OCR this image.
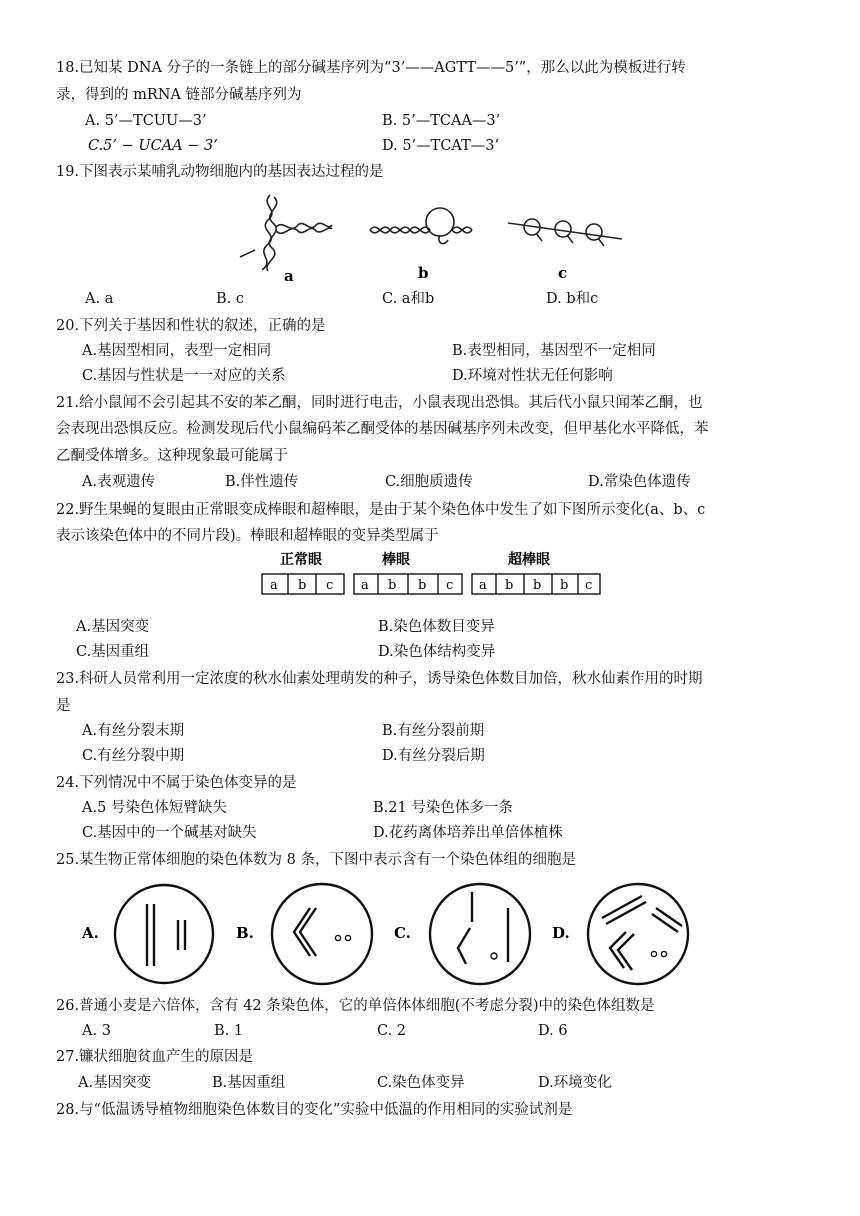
18.已知某 DNA 分子的一条链上的部分碱基序列为“3’——AGTT——5’”，那么以此为模板进行转
录，得到的 mRNA 链部分碱基序列为
A. 5’—TCUU—3’	B. 5’—TCAA—3’
C.5’ − UCAA − 3’	D. 5’—TCAT—3’
19.下图表示某哺乳动物细胞内的基因表达过程的是
a	b	c
A. a	B. c	C. a和b	D. b和c
20.下列关于基因和性状的叙述，正确的是
A.基因型相同，表型一定相同	B.表型相同，基因型不一定相同
C.基因与性状是一一对应的关系	D.环境对性状无任何影响
21.给小鼠闻不会引起其不安的苯乙酮，同时进行电击，小鼠表现出恐惧。其后代小鼠只闻苯乙酮，也
会表现出恐惧反应。检测发现后代小鼠编码苯乙酮受体的基因碱基序列未改变，但甲基化水平降低，苯
乙酮受体增多。这种现象最可能属于
A.表观遗传	B.伴性遗传	C.细胞质遗传	D.常染色体遗传
22.野生果蝇的复眼由正常眼变成棒眼和超棒眼，是由于某个染色体中发生了如下图所示变化(a、b、c
表示该染色体中的不同片段)。棒眼和超棒眼的变异类型属于
正常眼	棒眼	超棒眼
a b c a b b c a b b b c
A.基因突变	B.染色体数目变异
C.基因重组	D.染色体结构变异
23.科研人员常利用一定浓度的秋水仙素处理萌发的种子，诱导染色体数目加倍，秋水仙素作用的时期
是
A.有丝分裂末期	B.有丝分裂前期
C.有丝分裂中期	D.有丝分裂后期
24.下列情况中不属于染色体变异的是
A.5 号染色体短臂缺失	B.21 号染色体多一条
C.基因中的一个碱基对缺失	D.花药离体培养出单倍体植株
25.某生物正常体细胞的染色体数为 8 条，下图中表示含有一个染色体组的细胞是
A.	B.	C.	D.
26.普通小麦是六倍体，含有 42 条染色体，它的单倍体体细胞(不考虑分裂)中的染色体组数是
A. 3	B. 1	C. 2	D. 6
27.镰状细胞贫血产生的原因是
A.基因突变	B.基因重组	C.染色体变异	D.环境变化
28.与“低温诱导植物细胞染色体数目的变化”实验中低温的作用相同的实验试剂是
